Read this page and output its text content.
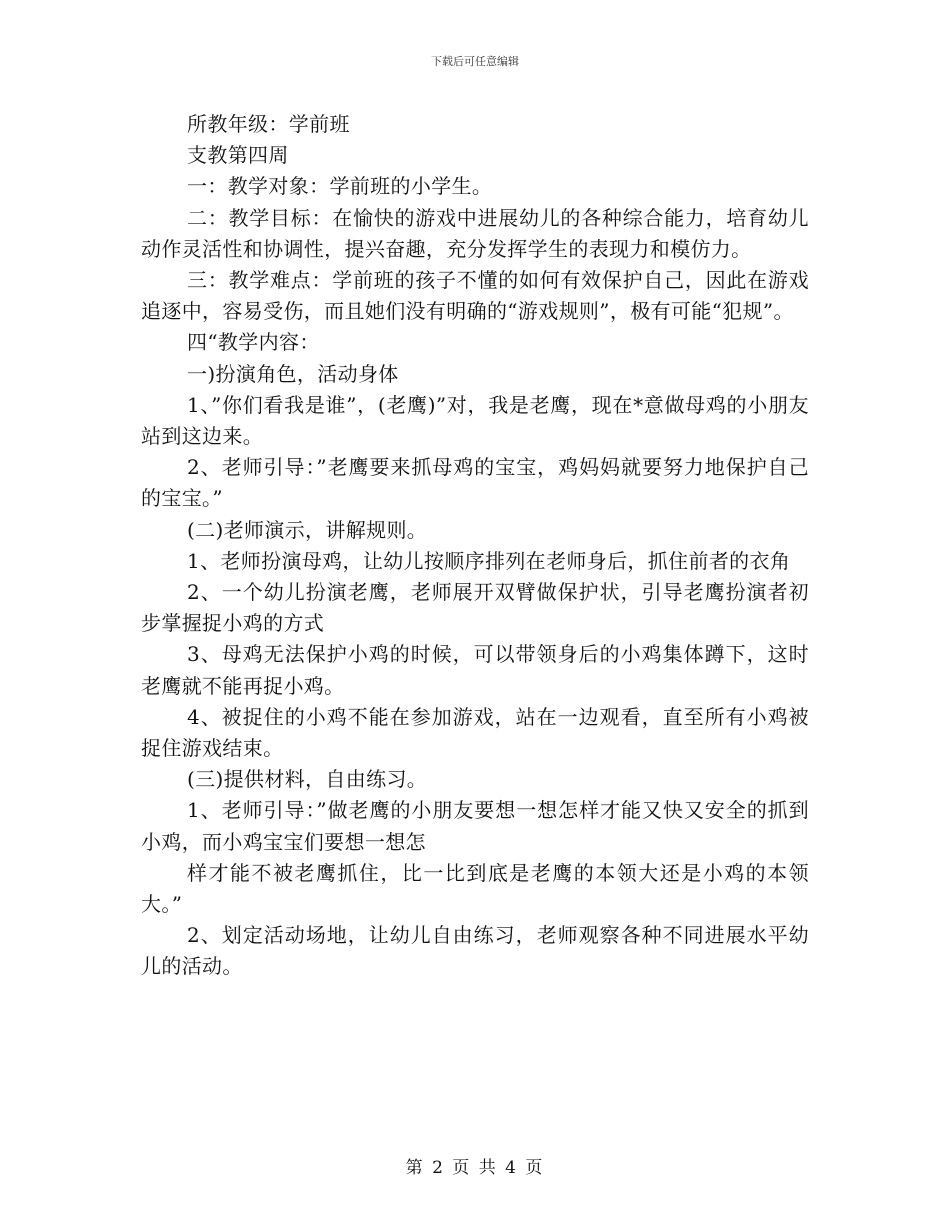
下载后可任意编辑

所教年级：学前班

支教第四周

一：教学对象：学前班的小学生。

二：教学目标：在愉快的游戏中进展幼儿的各种综合能力，培育幼儿动作灵活性和协调性，提兴奋趣，充分发挥学生的表现力和模仿力。

三：教学难点：学前班的孩子不懂的如何有效保护自己，因此在游戏追逐中，容易受伤，而且她们没有明确的“游戏规则”，极有可能“犯规”。

四“教学内容：

一)扮演角色，活动身体

1、”你们看我是谁”，(老鹰)”对，我是老鹰，现在*意做母鸡的小朋友站到这边来。

2、老师引导：”老鹰要来抓母鸡的宝宝，鸡妈妈就要努力地保护自己的宝宝。”

(二)老师演示，讲解规则。

1、老师扮演母鸡，让幼儿按顺序排列在老师身后，抓住前者的衣角

2、一个幼儿扮演老鹰，老师展开双臂做保护状，引导老鹰扮演者初步掌握捉小鸡的方式

3、母鸡无法保护小鸡的时候，可以带领身后的小鸡集体蹲下，这时老鹰就不能再捉小鸡。

4、被捉住的小鸡不能在参加游戏，站在一边观看，直至所有小鸡被捉住游戏结束。

(三)提供材料，自由练习。

1、老师引导：”做老鹰的小朋友要想一想怎样才能又快又安全的抓到小鸡，而小鸡宝宝们要想一想怎

样才能不被老鹰抓住，比一比到底是老鹰的本领大还是小鸡的本领大。”

2、划定活动场地，让幼儿自由练习，老师观察各种不同进展水平幼儿的活动。

第 2 页 共 4 页
